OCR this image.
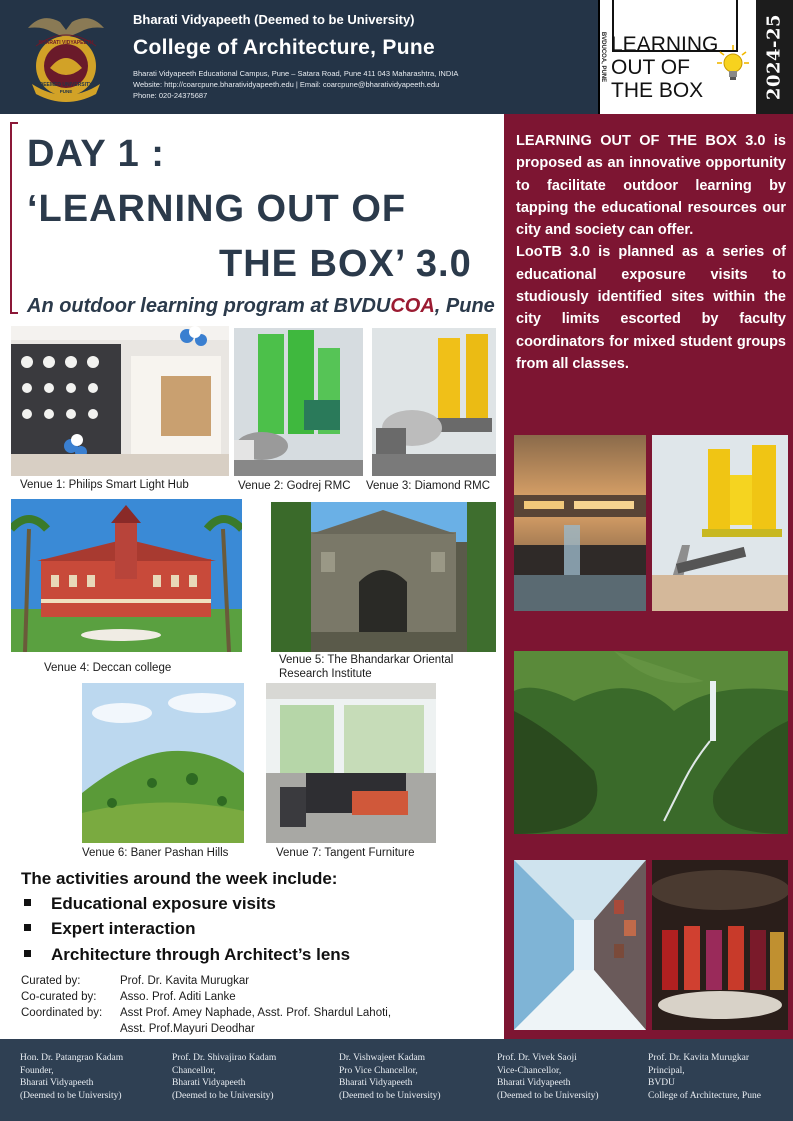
BHARATI VIDYAPEETH
DEEMED UNIVERSITY
PUNE
Bharati Vidyapeeth (Deemed to be University)
College of Architecture, Pune
Bharati Vidyapeeth Educational Campus, Pune – Satara Road, Pune 411 043 Maharashtra, INDIA
Website: http://coarcpune.bharatividyapeeth.edu | Email: coarcpune@bharatividyapeeth.edu
Phone: 020-24375687
BVDUCOA, PUNE LEARNING
OUT OF
THE BOX	2024-25
DAY 1 :
‘LEARNING OUT OF
THE BOX’ 3.0
An outdoor learning program at BVDUCOA, Pune

LEARNING OUT OF THE BOX 3.0 is proposed as an innovative opportunity to facilitate outdoor learning by tapping the educational resources our city and society can offer.

LooTB 3.0 is planned as a series of educational exposure visits to studiously identified sites within the city limits escorted by faculty coordinators for mixed student groups from all classes.

Venue 1: Philips Smart Light Hub	Venue 2: Godrej RMC Venue 3: Diamond RMC
Venue 4: Deccan college
Venue 5: The Bhandarkar Oriental Research Institute
Venue 6: Baner Pashan Hills	Venue 7: Tangent Furniture
The activities around the week include:
Educational exposure visits
Expert interaction
Architecture through Architect’s lens
Curated by:	Prof. Dr. Kavita Murugkar
Co-curated by: Asso. Prof. Aditi Lanke
Coordinated by: Asst Prof. Amey Naphade, Asst. Prof. Shardul Lahoti,
Asst. Prof.Mayuri Deodhar
Hon. Dr. Patangrao Kadam
Founder,
Bharati Vidyapeeth
(Deemed to be University)
Prof. Dr. Shivajirao Kadam
Chancellor,
Bharati Vidyapeeth
(Deemed to be University)
Dr. Vishwajeet Kadam
Pro Vice Chancellor,
Bharati Vidyapeeth
(Deemed to be University)
Prof. Dr. Vivek Saoji
Vice-Chancellor,
Bharati Vidyapeeth
(Deemed to be University)
Prof. Dr. Kavita Murugkar
Principal,
BVDU
College of Architecture, Pune
